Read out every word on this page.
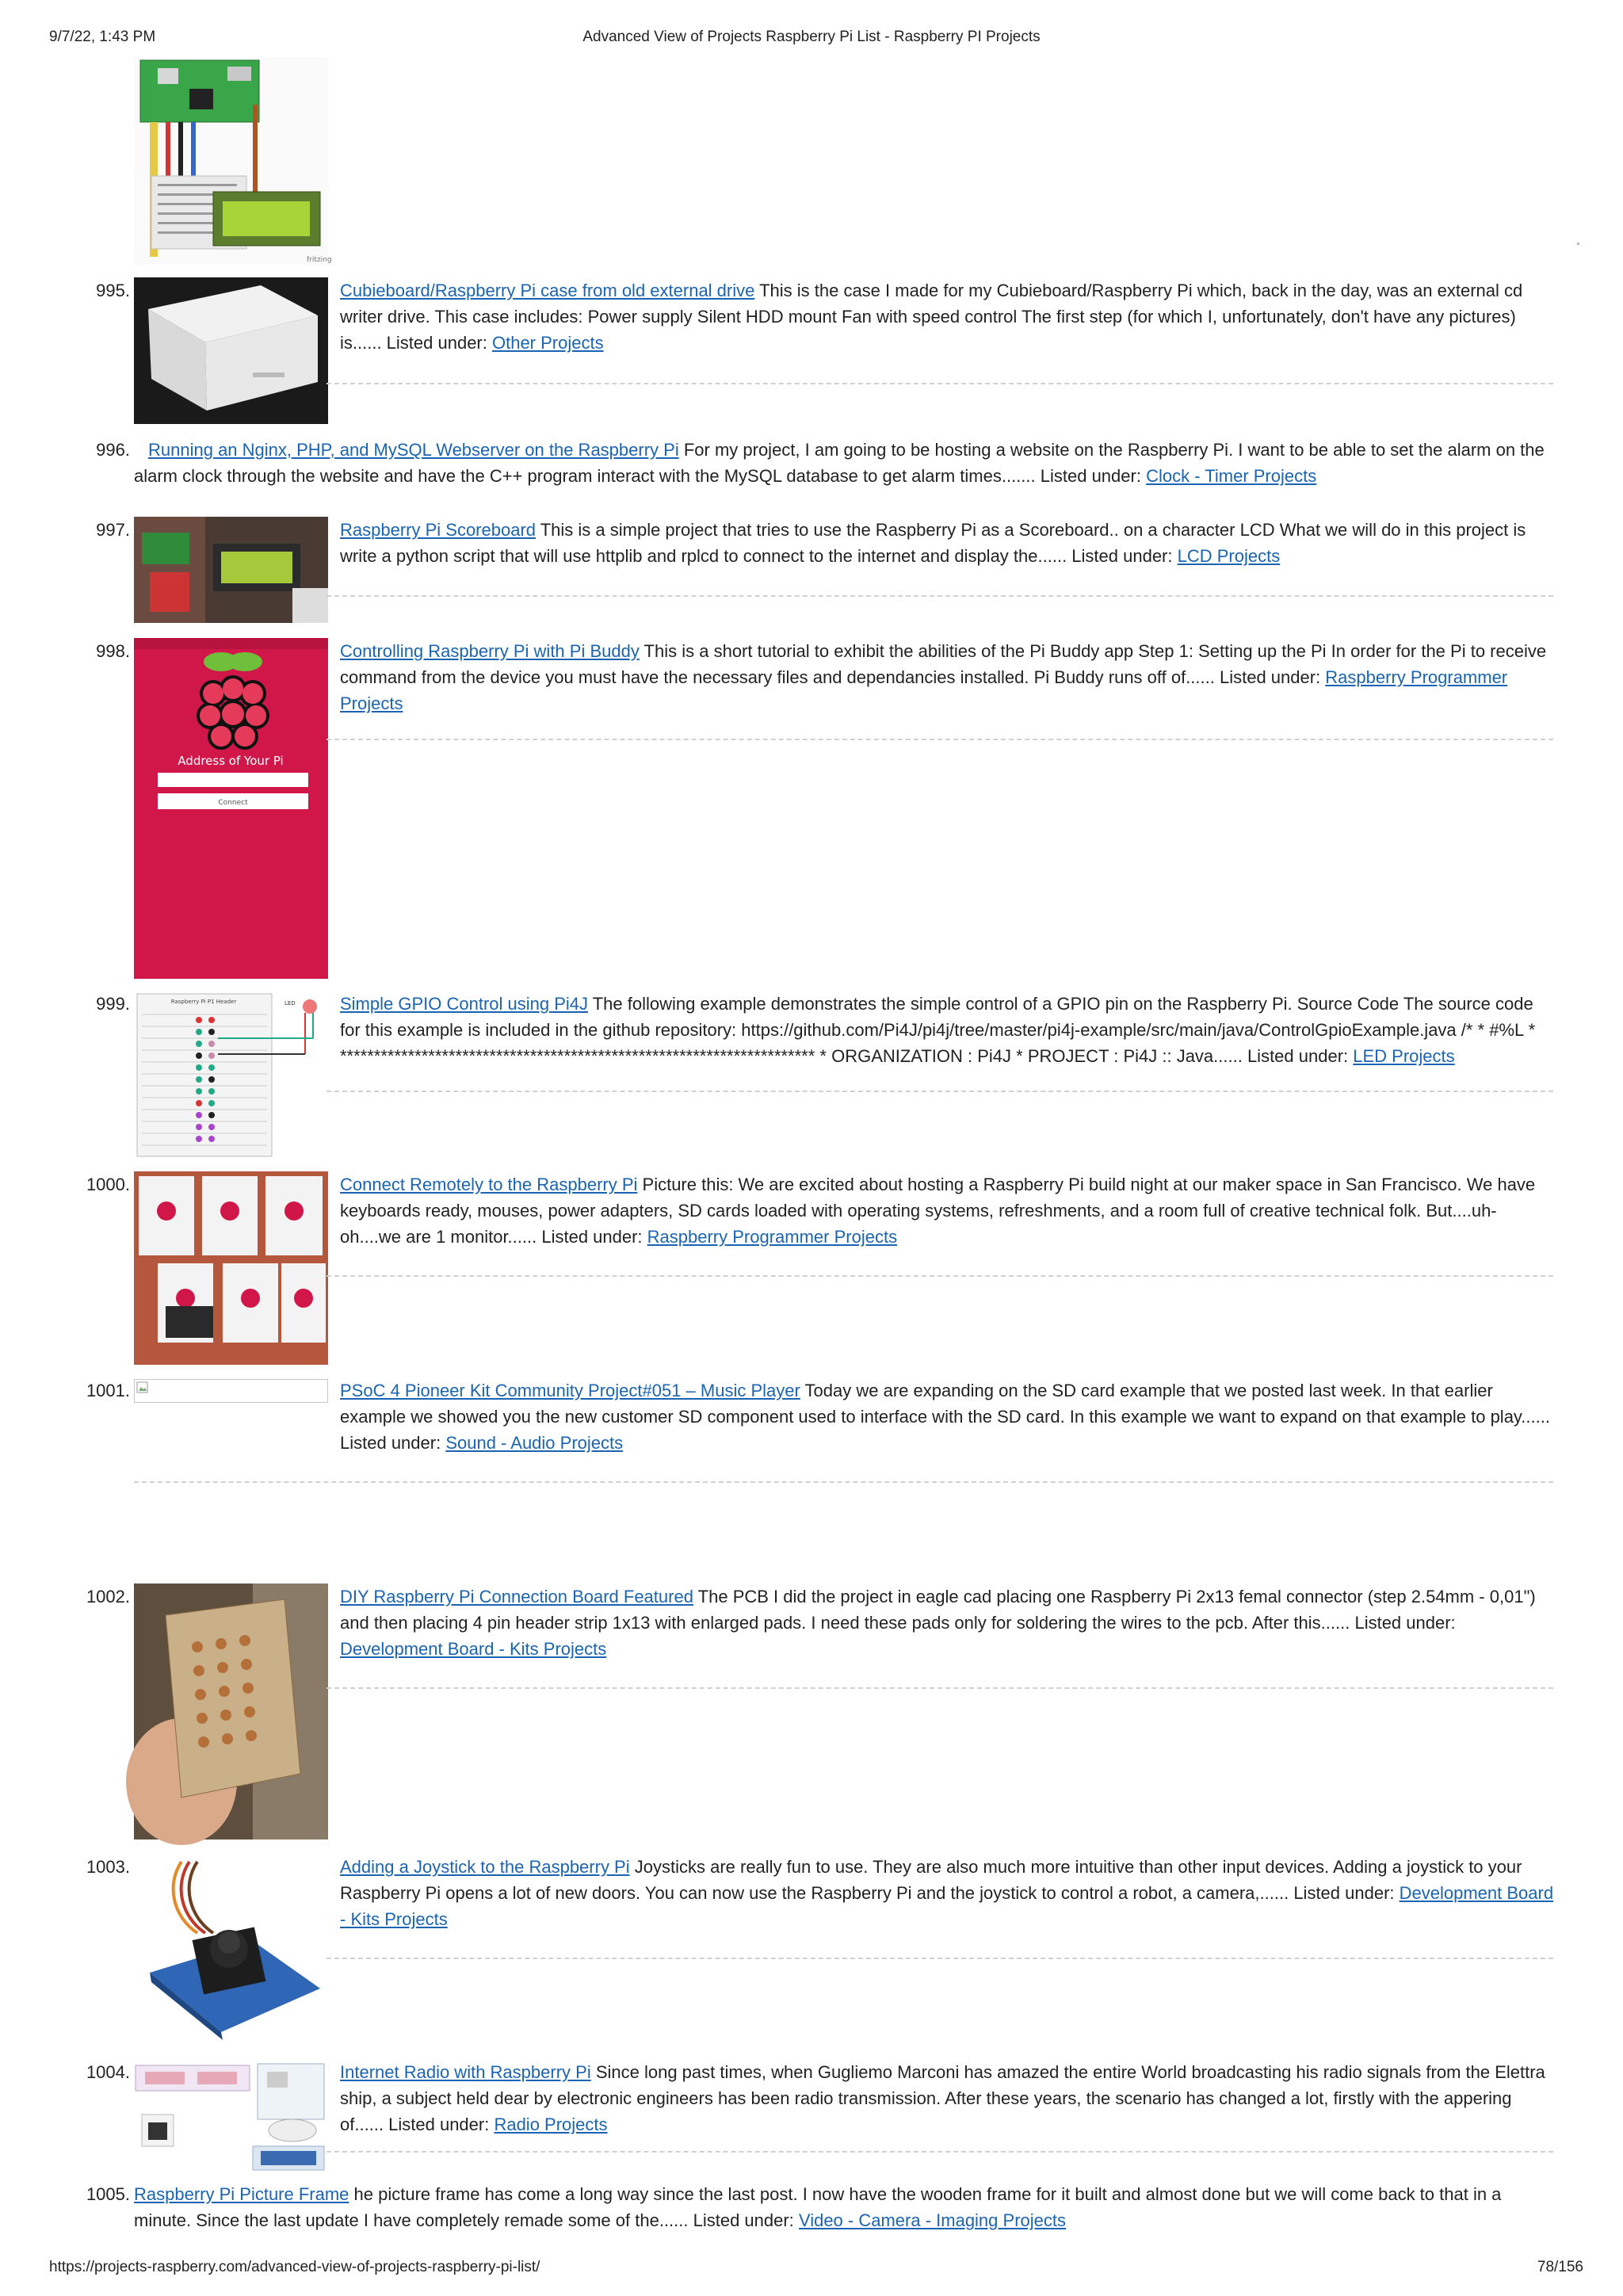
9/7/22, 1:43 PM	Advanced View of Projects Raspberry Pi List - Raspberry PI Projects
fritzing
995.	Cubieboard/Raspberry Pi case from old external drive This is the case I made for my Cubieboard/Raspberry Pi which, back in the day, was an external cd writer drive. This case includes: Power supply Silent HDD mount Fan with speed control The first step (for which I, unfortunately, don't have any pictures) is...... Listed under: Other Projects
996.	Running an Nginx, PHP, and MySQL Webserver on the Raspberry Pi For my project, I am going to be hosting a website on the Raspberry Pi. I want to be able to set the alarm on the alarm clock through the website and have the C++ program interact with the MySQL database to get alarm times....... Listed under: Clock - Timer Projects
997.	Raspberry Pi Scoreboard This is a simple project that tries to use the Raspberry Pi as a Scoreboard.. on a character LCD What we will do in this project is write a python script that will use httplib and rplcd to connect to the internet and display the...... Listed under: LCD Projects
998.
Address of Your Pi
Connect
Controlling Raspberry Pi with Pi Buddy This is a short tutorial to exhibit the abilities of the Pi Buddy app Step 1: Setting up the Pi In order for the Pi to receive command from the device you must have the necessary files and dependancies installed. Pi Buddy runs off of...... Listed under: Raspberry Programmer Projects
999.	Raspberry Pi P1 Header	LED	Simple GPIO Control using Pi4J The following example demonstrates the simple control of a GPIO pin on the Raspberry Pi. Source Code The source code for this example is included in the github repository: https://github.com/Pi4J/pi4j/tree/master/pi4j-example/src/main/java/ControlGpioExample.java /* * #%L * ********************************************************************** * ORGANIZATION : Pi4J * PROJECT : Pi4J :: Java...... Listed under: LED Projects
1000.	Connect Remotely to the Raspberry Pi Picture this: We are excited about hosting a Raspberry Pi build night at our maker space in San Francisco. We have keyboards ready, mouses, power adapters, SD cards loaded with operating systems, refreshments, and a room full of creative technical folk. But....uh-oh....we are 1 monitor...... Listed under: Raspberry Programmer Projects
1001.	PSoC 4 Pioneer Kit Community Project#051 – Music Player Today we are expanding on the SD card example that we posted last week. In that earlier example we showed you the new customer SD component used to interface with the SD card. In this example we want to expand on that example to play...... Listed under: Sound - Audio Projects
1002.	DIY Raspberry Pi Connection Board Featured The PCB I did the project in eagle cad placing one Raspberry Pi 2x13 femal connector (step 2.54mm - 0,01") and then placing 4 pin header strip 1x13 with enlarged pads. I need these pads only for soldering the wires to the pcb. After this...... Listed under: Development Board - Kits Projects
1003.	Adding a Joystick to the Raspberry Pi Joysticks are really fun to use. They are also much more intuitive than other input devices. Adding a joystick to your Raspberry Pi opens a lot of new doors. You can now use the Raspberry Pi and the joystick to control a robot, a camera,...... Listed under: Development Board - Kits Projects
1004.	Internet Radio with Raspberry Pi Since long past times, when Gugliemo Marconi has amazed the entire World broadcasting his radio signals from the Elettra ship, a subject held dear by electronic engineers has been radio transmission. After these years, the scenario has changed a lot, firstly with the appering of...... Listed under: Radio Projects
1005. Raspberry Pi Picture Frame he picture frame has come a long way since the last post. I now have the wooden frame for it built and almost done but we will come back to that in a minute. Since the last update I have completely remade some of the...... Listed under: Video - Camera - Imaging Projects
https://projects-raspberry.com/advanced-view-of-projects-raspberry-pi-list/	78/156
